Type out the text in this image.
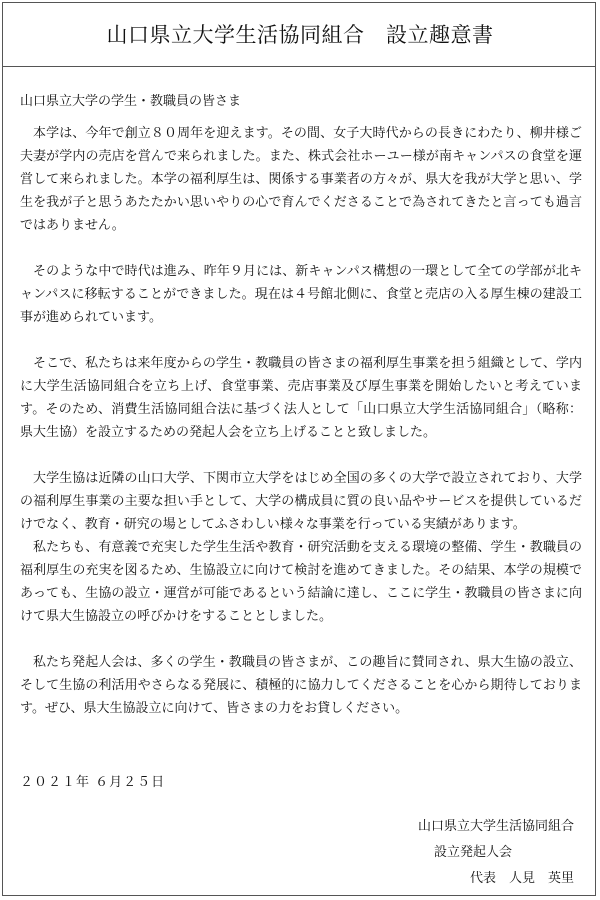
山口県立大学生活協同組合　設立趣意書
山口県立大学の学生・教職員の皆さま

本学は、今年で創立８０周年を迎えます。その間、女子大時代からの長きにわたり、柳井様ご夫妻が学内の売店を営んで来られました。また、株式会社ホーユー様が南キャンパスの食堂を運営して来られました。本学の福利厚生は、関係する事業者の方々が、県大を我が大学と思い、学生を我が子と思うあたたかい思いやりの心で育んでくださることで為されてきたと言っても過言ではありません。

そのような中で時代は進み、昨年９月には、新キャンパス構想の一環として全ての学部が北キャンパスに移転することができました。現在は４号館北側に、食堂と売店の入る厚生棟の建設工事が進められています。

そこで、私たちは来年度からの学生・教職員の皆さまの福利厚生事業を担う組織として、学内に大学生活協同組合を立ち上げ、食堂事業、売店事業及び厚生事業を開始したいと考えています。そのため、消費生活協同組合法に基づく法人として「山口県立大学生活協同組合」（略称：県大生協）を設立するための発起人会を立ち上げることと致しました。

大学生協は近隣の山口大学、下関市立大学をはじめ全国の多くの大学で設立されており、大学の福利厚生事業の主要な担い手として、大学の構成員に質の良い品やサービスを提供しているだけでなく、教育・研究の場としてふさわしい様々な事業を行っている実績があります。

私たちも、有意義で充実した学生生活や教育・研究活動を支える環境の整備、学生・教職員の福利厚生の充実を図るため、生協設立に向けて検討を進めてきました。その結果、本学の規模であっても、生協の設立・運営が可能であるという結論に達し、ここに学生・教職員の皆さまに向けて県大生協設立の呼びかけをすることとしました。

私たち発起人会は、多くの学生・教職員の皆さまが、この趣旨に賛同され、県大生協の設立、そして生協の利活用やさらなる発展に、積極的に協力してくださることを心から期待しております。ぜひ、県大生協設立に向けて、皆さまの力をお貸しください。

２０２１年 ６月２５日
山口県立大学生活協同組合
設立発起人会
代表　人見　英里
